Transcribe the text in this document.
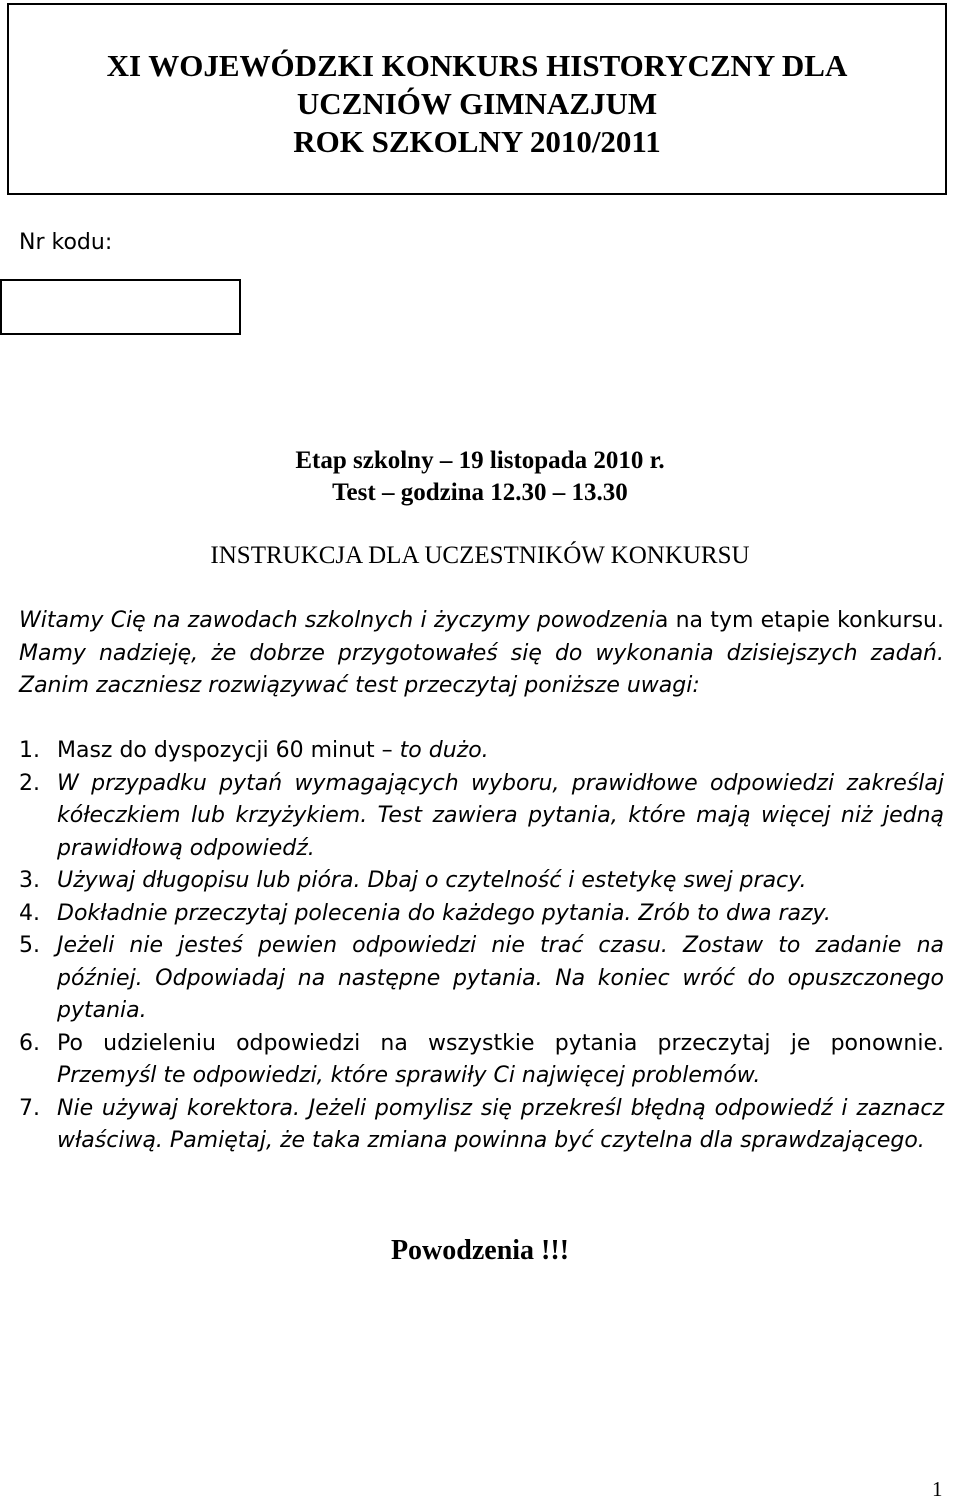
XI WOJEWÓDZKI KONKURS HISTORYCZNY DLA
UCZNIÓW GIMNAZJUM
ROK SZKOLNY 2010/2011
Nr kodu:
Etap szkolny – 19 listopada 2010 r.
Test – godzina 12.30 – 13.30
INSTRUKCJA DLA UCZESTNIKÓW KONKURSU

Witamy Cię na zawodach szkolnych i życzymy powodzenia na tym etapie konkursu. Mamy nadzieję, że dobrze przygotowałeś się do wykonania dzisiejszych zadań. Zanim zaczniesz rozwiązywać test przeczytaj poniższe uwagi:

1. Masz do dyspozycji 60 minut – to dużo.
2. W przypadku pytań wymagających wyboru, prawidłowe odpowiedzi zakreślaj kółeczkiem lub krzyżykiem. Test zawiera pytania, które mają więcej niż jedną prawidłową odpowiedź.
3. Używaj długopisu lub pióra. Dbaj o czytelność i estetykę swej pracy.
4. Dokładnie przeczytaj polecenia do każdego pytania. Zrób to dwa razy.
5. Jeżeli nie jesteś pewien odpowiedzi nie trać czasu. Zostaw to zadanie na później. Odpowiadaj na następne pytania. Na koniec wróć do opuszczonego pytania.
6. Po udzieleniu odpowiedzi na wszystkie pytania przeczytaj je ponownie. Przemyśl te odpowiedzi, które sprawiły Ci najwięcej problemów.
7. Nie używaj korektora. Jeżeli pomylisz się przekreśl błędną odpowiedź i zaznacz właściwą. Pamiętaj, że taka zmiana powinna być czytelna dla sprawdzającego.
Powodzenia !!!
1
